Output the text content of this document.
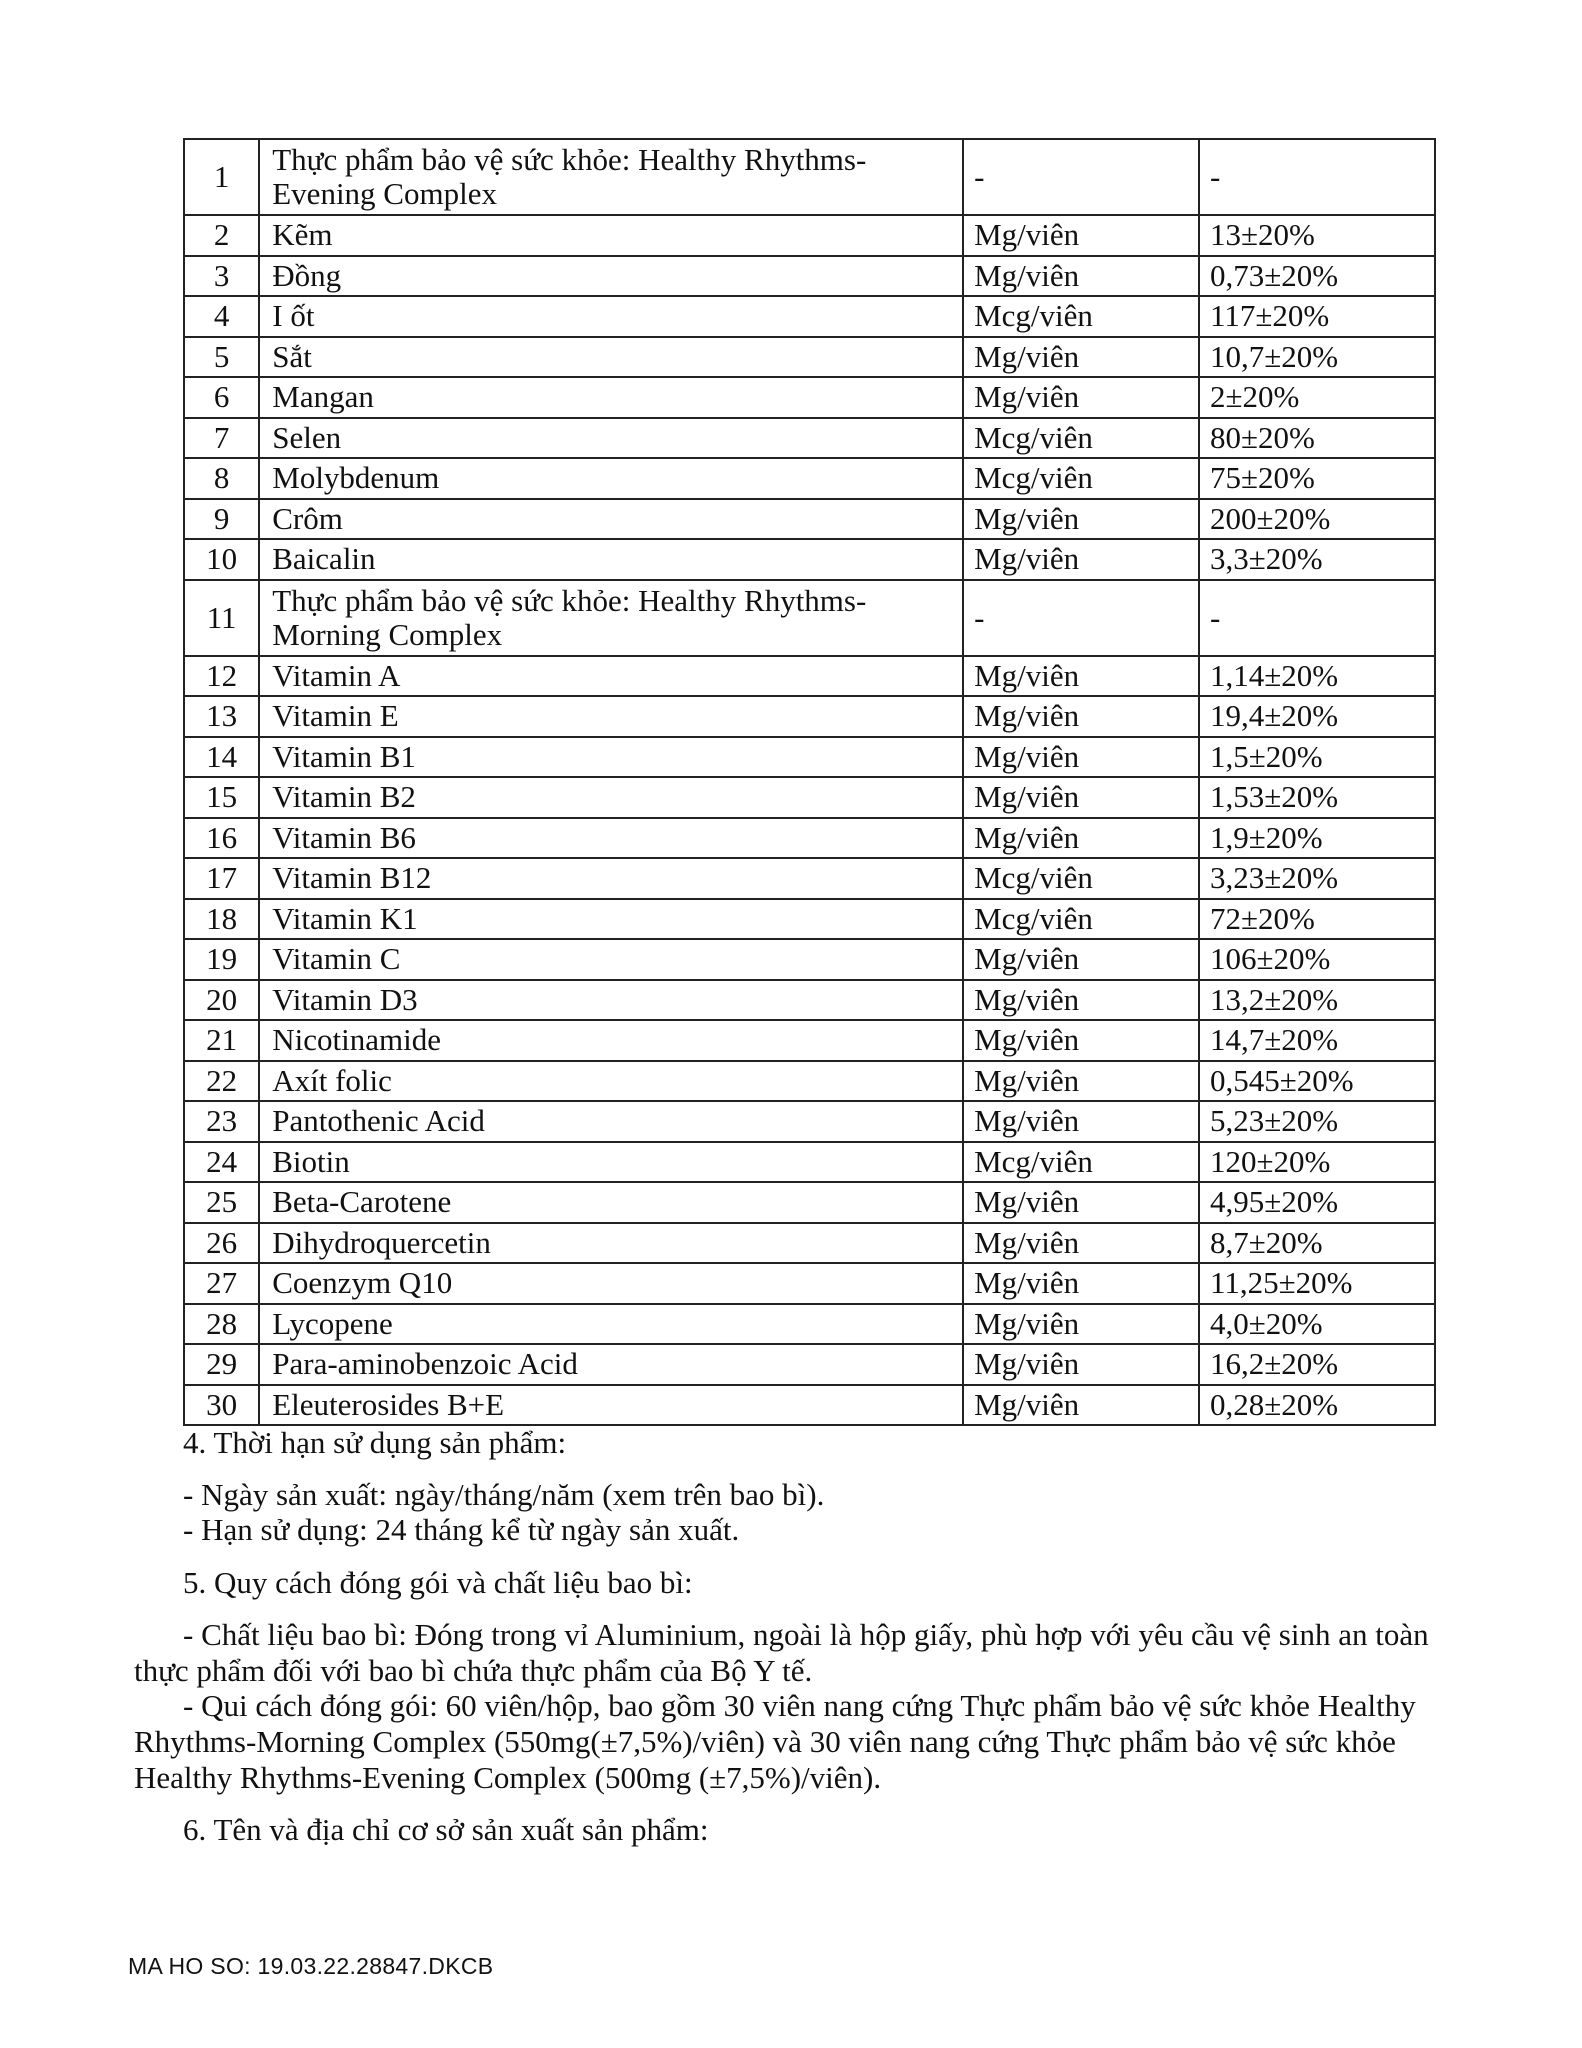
1	Thực phẩm bảo vệ sức khỏe: Healthy Rhythms-Evening Complex	-	-
2	Kẽm	Mg/viên	13±20%
3	Đồng	Mg/viên	0,73±20%
4	I ốt	Mcg/viên	117±20%
5	Sắt	Mg/viên	10,7±20%
6	Mangan	Mg/viên	2±20%
7	Selen	Mcg/viên	80±20%
8	Molybdenum	Mcg/viên	75±20%
9	Crôm	Mg/viên	200±20%
10	Baicalin	Mg/viên	3,3±20%
11	Thực phẩm bảo vệ sức khỏe: Healthy Rhythms-Morning Complex	-	-
12	Vitamin A	Mg/viên	1,14±20%
13	Vitamin E	Mg/viên	19,4±20%
14	Vitamin B1	Mg/viên	1,5±20%
15	Vitamin B2	Mg/viên	1,53±20%
16	Vitamin B6	Mg/viên	1,9±20%
17	Vitamin B12	Mcg/viên	3,23±20%
18	Vitamin K1	Mcg/viên	72±20%
19	Vitamin C	Mg/viên	106±20%
20	Vitamin D3	Mg/viên	13,2±20%
21	Nicotinamide	Mg/viên	14,7±20%
22	Axít folic	Mg/viên	0,545±20%
23	Pantothenic Acid	Mg/viên	5,23±20%
24	Biotin	Mcg/viên	120±20%
25	Beta-Carotene	Mg/viên	4,95±20%
26	Dihydroquercetin	Mg/viên	8,7±20%
27	Coenzym Q10	Mg/viên	11,25±20%
28	Lycopene	Mg/viên	4,0±20%
29	Para-aminobenzoic Acid	Mg/viên	16,2±20%
30	Eleuterosides B+E	Mg/viên	0,28±20%
4. Thời hạn sử dụng sản phẩm:
- Ngày sản xuất: ngày/tháng/năm (xem trên bao bì).
- Hạn sử dụng: 24 tháng kể từ ngày sản xuất.
5. Quy cách đóng gói và chất liệu bao bì:

- Chất liệu bao bì: Đóng trong vỉ Aluminium, ngoài là hộp giấy, phù hợp với yêu cầu vệ sinh an toàn thực phẩm đối với bao bì chứa thực phẩm của Bộ Y tế.

- Qui cách đóng gói: 60 viên/hộp, bao gồm 30 viên nang cứng Thực phẩm bảo vệ sức khỏe Healthy Rhythms-Morning Complex (550mg(±7,5%)/viên) và 30 viên nang cứng Thực phẩm bảo vệ sức khỏe Healthy Rhythms-Evening Complex (500mg (±7,5%)/viên).

6. Tên và địa chỉ cơ sở sản xuất sản phẩm:
MA HO SO: 19.03.22.28847.DKCB
